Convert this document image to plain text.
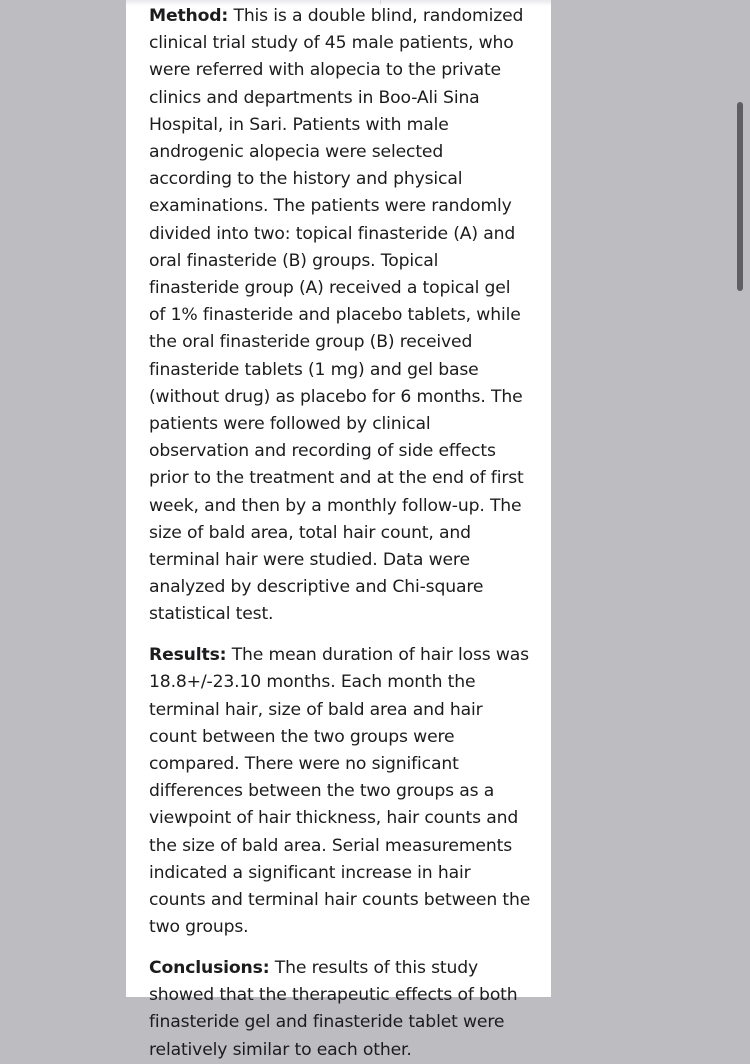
Method: This is a double blind, randomized clinical trial study of 45 male patients, who were referred with alopecia to the private clinics and departments in Boo-Ali Sina Hospital, in Sari. Patients with male androgenic alopecia were selected according to the history and physical examinations. The patients were randomly divided into two: topical finasteride (A) and oral finasteride (B) groups. Topical finasteride group (A) received a topical gel of 1% finasteride and placebo tablets, while the oral finasteride group (B) received finasteride tablets (1 mg) and gel base (without drug) as placebo for 6 months. The patients were followed by clinical observation and recording of side effects prior to the treatment and at the end of first week, and then by a monthly follow-up. The size of bald area, total hair count, and terminal hair were studied. Data were analyzed by descriptive and Chi-square statistical test.

Results: The mean duration of hair loss was 18.8+/-23.10 months. Each month the terminal hair, size of bald area and hair count between the two groups were compared. There were no significant differences between the two groups as a viewpoint of hair thickness, hair counts and the size of bald area. Serial measurements indicated a significant increase in hair counts and terminal hair counts between the two groups.

Conclusions: The results of this study showed that the therapeutic effects of both finasteride gel and finasteride tablet were relatively similar to each other.
